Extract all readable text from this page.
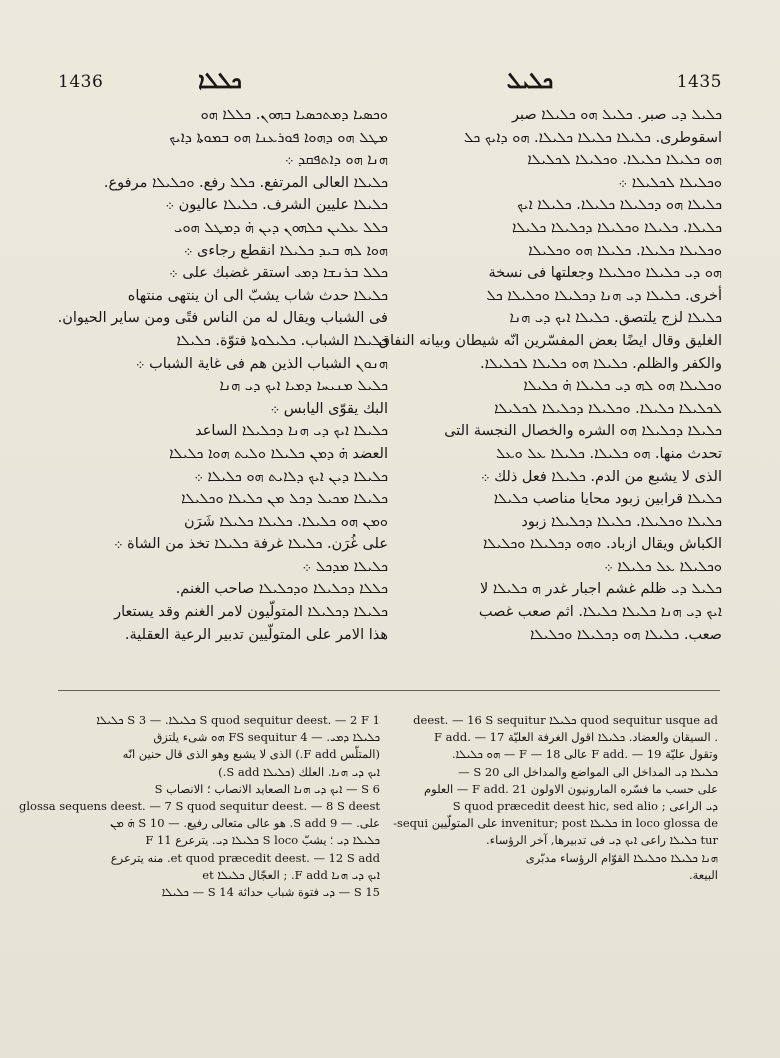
1436	ܟܠܠܐ	ܟܠܝܠ	1435
ܘܟܣܝܐ ܕܡܬܟܣܝܐ ܒܗܘܢ. ܟܠܠܐ ܗܘ
ܡܛܠ ܗܘ ܕܗܘܐ ܦܘܪܥܢܐ ܗܘ ܒܡܘܬܐ ܕܐܝܟ
ܗܢܐ ܗܘ ܕܐܬܦܩܕ ܀
ܟܠܝܠܐ العالى المرتفع. ܟܠܠ رفع. ܘܟܠܝܠܐ مرفوع.
ܟܠܝܠܐ عليين الشرف. ܟܠܝܠܐ عاليون ܀
ܟܠܠ ܥܠܝܢ ܟܠܗܘܢ ܕܝܢ ܗ̇ ܕܡܛܠ ܗܘܝ
ܗܘܐ ܠܗ ܒܝܕ ܟܠܝܠܐ انقطع رجاءى ܀
ܟܠܠ ܒܪܢܫܐ ܕܡܝ استقر غضبك على ܀
ܟܠܝܠܐ حدث شاب يشبّ الى ان ينتهى منتهاه
فى الشباب ويقال له من الناس فتًى ومن ساير الحيوان.
ܟܠܝܠܐ الشباب. ܟܠܝܠܘܬܐ فتوّة. ܟܠܝܠܐ
ܗܢܘܢ الشباب الذين هم فى غاية الشباب ܀
ܟܠܝܠ ܡܢܝܚܐ ܕܡܝܐ ܐܝܟ ܕܝ ܗܢܐ
البك يقوّى اليابس ܀
ܟܠܝܠܐ ܐܝܟ ܕܝ ܗܢܐ ܕܟܠܝܠܐ الساعد
العضد ܗ̇ ܕܡܢ ܟܠܝܠܐ ܘܠܝܬ ܗܘܐ ܟܠܝܠܐ
ܟܠܝܠܐ ܕܝܢ ܐܝܟ ܕܠܐܝܬ ܗܘ ܟܠܝܠܐ ܀
ܟܠܝܠܐ ܡܟܝܠ ܕܟܠ ܡܢ ܟܠܝܠܐ ܘܟܠܝܠܐ
ܘܡܢ ܗܘ ܟܠܝܠܐ. ܟܠܝܠܐ ܟܠܝܠܐ شَرَن
على غُرَن. ܟܠܝܠܐ غرفة ܟܠܝܠܐ تخذ من الشاة ܀
ܟܠܝܠܐ ܡܕܟܠ ܀
ܟܠܠܐ ܕܟܠܝܠܐ ܘܕܟܠܝܠܐ صاحب الغنم.
ܟܠܝܠܐ ܕܟܠܝܠܐ المتولّيون لامر الغنم وقد يستعار
هذا الامر على المتولّيين تدبير الرعية العقلية.
ܟܠܝܠ ܕܝ صبر. ܟܠܝܠ ܗܘ ܟܠܝܠܐ صبر
اسقوطرى. ܟܠܝܠܐ ܟܠܝܠܐ ܟܠܝܠܐ. ܗܘ ܕܐܝܟ ܟܠ
ܗܘ ܟܠܝܠܐ ܟܠܝܠܐ. ܘܟܠܝܠܐ ܠܟܠܝܠܐ
ܘܟܠܝܠܐ ܠܟܠܝܠܐ ܀
ܟܠܝܠܐ ܗܘ ܕܟܠܝܠܐ ܟܠܝܠܐ. ܟܠܝܠܐ ܐܝܟ
ܟܠܝܠܐ. ܟܠܝܠܐ ܘܟܠܝܠܐ ܕܟܠܝܠܐ ܟܠܝܠܐ
ܘܟܠܝܠܐ ܟܠܝܠܐ. ܟܠܝܠܐ ܗܘ ܘܟܠܝܠܐ
ܗܘ ܕܝ ܟܠܝܠܐ ܘܟܠܝܠܐ وجعلتها فى نسخة
أخرى. ܟܠܝܠܐ ܕܝ ܗܢܐ ܕܟܠܝܠܐ ܘܟܠܝܠܐ ܟܠ
ܟܠܝܠܐ لزج يلتصق. ܟܠܝܠܐ ܐܝܟ ܕܝ ܗܢܐ
الغليق وقال ايضًا بعض المفسّرين انّه شيطان وبيانه النفاق
والكفر والظلم. ܟܠܝܠܐ ܗܘ ܟܠܝܠܐ ܠܟܠܝܠܐ.
ܘܟܠܝܠܐ ܗܘ ܠܗ ܕܝ ܟܠܝܠܐ ܗ̇ ܟܠܝܠܐ
ܠܟܠܝܠܐ ܟܠܝܠܐ. ܘܟܠܝܠܐ ܕܟܠܝܠܐ ܠܟܠܝܠܐ
ܟܠܝܠܐ ܕܟܠܝܠܐ ܗܘ الشره والخصال النجسة التى
تحدث منها. ܗܘ ܟܠܝܠܐ. ܟܠܝܠܐ ܥܠ ܘܥܠ
الذى لا يشبع من الدم. ܟܠܝܠܐ فعل ذلك ܀
ܟܠܝܠܐ قرابين زبود محايا مناصب ܟܠܝܠܐ
ܟܠܝܠܐ ܘܟܠܝܠܐ. ܟܠܝܠܐ ܕܟܠܝܠܐ زبود
الكباش ويقال ازباد. ܘܗܘ ܕܟܠܝܠܐ ܘܟܠܝܠܐ
ܘܟܠܝܠܐ ܥܠ ܟܠܝܠܐ ܀
ܟܠܝܠ ܕܝ ظلم غشم اجبار غدر ܗ ܟܠܝܠܐ لا
ܐܝܟ ܕܝ ܗܢܐ ܟܠܝܠܐ ܟܠܝܠܐ. اثم صعب غصب
صعب. ܟܠܝܠܐ ܗܘ ܕܟܠܝܠܐ ܘܟܠܝܠܐ
1 S quod sequitur deest. — 2 F ܟܠܝܠܐ. — 3 S ܟܠܝܠܐ
ܟܠܝܠܐ ܕܡܝ. — 4 FS sequitur ܗܘ شىء يلتزق
(المتلّس F add.) الذى لا يشبع وهو الذى قال حنين انّه
ܐܝܟ ܕܝ ܗܢܐ. العلك (ܟܠܝܠܐ S add.)
S 6 — ܐܝܟ ܕܝ ܗܢܐ الصعايد الانصاب ؛ الانصاب S
glossa sequens deest. — 7 S quod sequitur deest. — 8 S deest
على. — 9 S add. هو عالى متعالى رفيع. — 10 S ܗ̇ ܡܢ
ܟܠܝܠܐ ܕܝ ؛ يشبّ S loco ܟܠܝܠܐ ܕܝ. يترعرع F 11
et quod præcedit deest. — 12 S add. منه يترعرع
ܐܝܟ ܕܝ ܗܢܐ F add. ; العجّال ܟܠܝܠܐ et
S 15 — ܕܝ فتوة شباب حداثة S 14 — ܟܠܝܠܐ
quod sequitur usque ad ܟܠܝܠܐ deest. — 16 S sequitur
. السيقان والعضاد. ܟܠܝܠܐ اقول الغرفة العليّة F add. — 17
وتقول عليّة F add. — 19 عالى F — 18 — ܗܘ ܟܠܝܠܐ.
ܟܠܝܠܐ ܕܝ المداخل الى المواضع والمداخل الى S 20 —
على حسب ما فسّره المارونيون الاولون F add. 21 — العلوم
ܕܝ الراعى ; S quod præcedit deest hic, sed alio
in loco glossa de ܟܠܝܠܐ invenitur; post على المتولّيين sequi-
tur ܟܠܝܠܐ راعى ܐܝܟ ܕܝ فى تدبيرها, آخر الرؤساء.
ܗܢܐ ܟܠܝܠܐ ܘܟܠܝܠܐ القوّام الرؤساء مدبّرى
البيعة.
